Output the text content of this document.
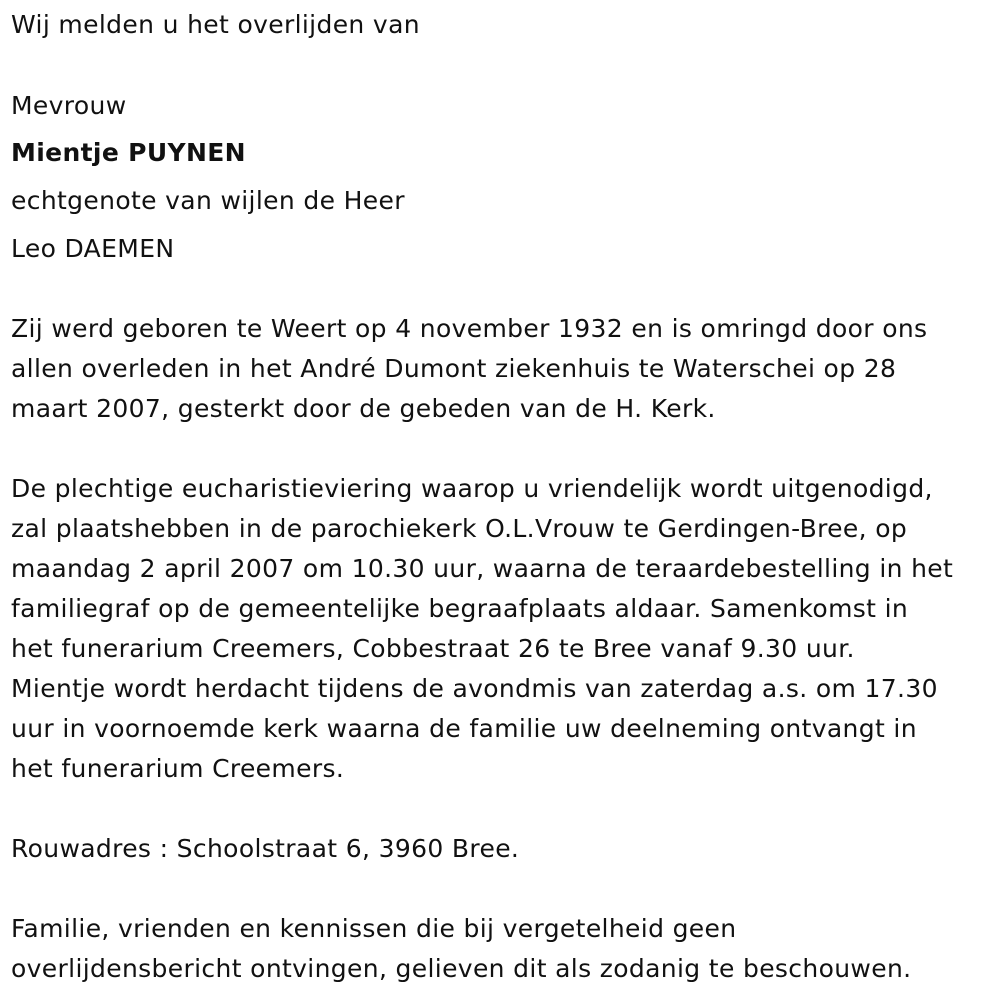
Wij melden u het overlijden van
Mevrouw
Mientje PUYNEN
echtgenote van wijlen de Heer
Leo DAEMEN
Zij werd geboren te Weert op 4 november 1932 en is omringd door ons
allen overleden in het André Dumont ziekenhuis te Waterschei op 28
maart 2007, gesterkt door de gebeden van de H. Kerk.
De plechtige eucharistieviering waarop u vriendelijk wordt uitgenodigd,
zal plaatshebben in de parochiekerk O.L.Vrouw te Gerdingen-Bree, op
maandag 2 april 2007 om 10.30 uur, waarna de teraardebestelling in het
familiegraf op de gemeentelijke begraafplaats aldaar. Samenkomst in
het funerarium Creemers, Cobbestraat 26 te Bree vanaf 9.30 uur.
Mientje wordt herdacht tijdens de avondmis van zaterdag a.s. om 17.30
uur in voornoemde kerk waarna de familie uw deelneming ontvangt in
het funerarium Creemers.
Rouwadres : Schoolstraat 6, 3960 Bree.
Familie, vrienden en kennissen die bij vergetelheid geen
overlijdensbericht ontvingen, gelieven dit als zodanig te beschouwen.
